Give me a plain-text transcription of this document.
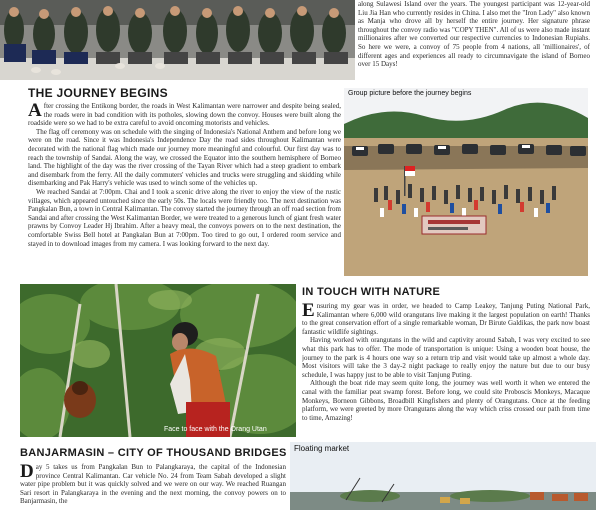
along Sulawesi Island over the years. The youngest participant was 12-year-old Liu Jia Han who currently resides in China. I also met the "Iron Lady" also known as Manja who drove all by herself the entire journey. Her signature phrase throughout the convoy radio was "COPY THEN". All of us were also made instant millionaires after we converted our respective currencies to Indonesian Rupiahs. So here we were, a convoy of 75 people from 4 nations, all 'millionaires', of different ages and experiences all ready to circumnavigate the island of Borneo over 15 Days!

THE JOURNEY BEGINS

After crossing the Entikong border, the roads in West Kalimantan were narrower and despite being sealed, the roads were in bad condition with its potholes, slowing down the convoy. Houses were built along the roadside were so we had to be extra careful to avoid oncoming motorists and vehicles.

The flag off ceremony was on schedule with the singing of Indonesia's National Anthem and before long we were on the road. Since it was Indonesia's Independence Day the road sides throughout Kalimantan were decorated with the national flag which made our journey more meaningful and colourful. Our first day was to reach the township of Sandai. Along the way, we crossed the Equator into the southern hemisphere of Borneo land. The highlight of the day was the river crossing of the Tayan River which had a steep gradient to embark and disembark from the ferry. All the daily commuters' vehicles and trucks were struggling and skidding while disembarking and Pak Harry's vehicle was used to winch some of the vehicles up.

We reached Sandai at 7:00pm. Chai and I took a scenic drive along the river to enjoy the view of the rustic villages, which appeared untouched since the early 50s. The locals were friendly too. The next destination was Pangkalan Bun, a town in Central Kalimantan. The convoy started the journey through an off road section from Sandai and after crossing the West Kalimantan Border, we were treated to a generous lunch of giant fresh water prawns by Convoy Leader Hj Ibrahim. After a heavy meal, the convoys powers on to the next destination, the comfortable Swiss Bell hotel at Pangkalan Bun at 7:00pm. Too tired to go out, I ordered room service and stayed in to download images from my camera. I was looking forward to the next day.

Group picture before the journey begins
Face to face with the Orang Utan
IN TOUCH WITH NATURE

Ensuring my gear was in order, we headed to Camp Leakey, Tanjung Puting National Park, Kalimantan where 6,000 wild orangutans live making it the largest population on earth! Thanks to the great conservation effort of a single remarkable woman, Dr Birute Galdikas, the park now boast fantastic wildlife sightings.

Having worked with orangutans in the wild and captivity around Sabah, I was very excited to see what this park has to offer. The mode of transportation is unique: Using a wooden boat house, the journey to the park is 4 hours one way so a return trip and visit would take up almost a whole day. Most visitors will take the 3 day-2 night package to really enjoy the nature but due to our busy schedule, I was happy just to be able to visit Tanjung Puting.

Although the boat ride may seem quite long, the journey was well worth it when we entered the canal with the familiar peat swamp forest. Before long, we could site Proboscis Monkeys, Macaque Monkeys, Borneon Gibbons, Broadbill Kingfishers and plenty of Orangutans. Once at the feeding platform, we were greeted by more Orangutans along the way which criss crossed our path from time to time, Amazing!

BANJARMASIN – CITY OF THOUSAND BRIDGES

Day 5 takes us from Pangkalan Bun to Palangkaraya, the capital of the Indonesian province Central Kalimantan. Car vehicle No. 24 from Team Sabah developed a slight water pipe problem but it was quickly solved and we were on our way. We reached Ruangan Sari resort in Palangkaraya in the evening and the next morning, the convoy powers on to Banjarmasin, the

Floating market
